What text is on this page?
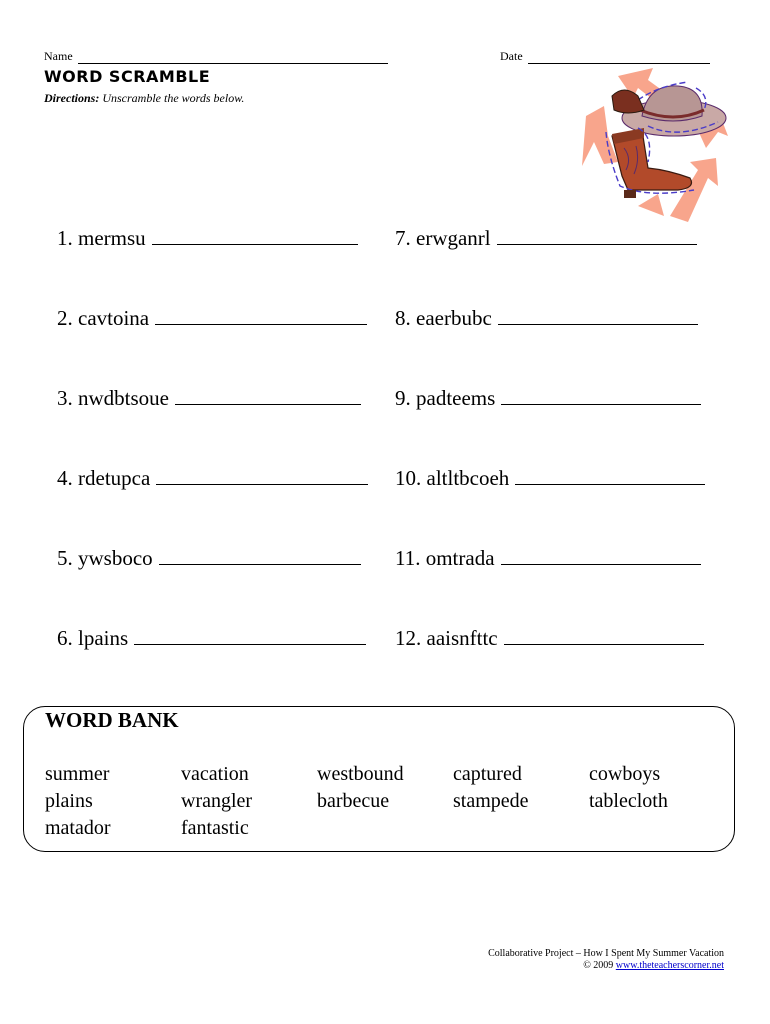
Name	Date
WORD SCRAMBLE
Directions: Unscramble the words below.
1. mermsu
2. cavtoina
3. nwdbtsoue
4. rdetupca
5. ywsboco
6. lpains
7. erwganrl
8. eaerbubc
9. padteems
10. altltbcoeh
11. omtrada
12. aaisnfttc
WORD BANK
summer
plains
matador
vacation
wrangler
fantastic
westbound
barbecue
captured
stampede
cowboys
tablecloth
Collaborative Project – How I Spent My Summer Vacation
© 2009 www.theteacherscorner.net
